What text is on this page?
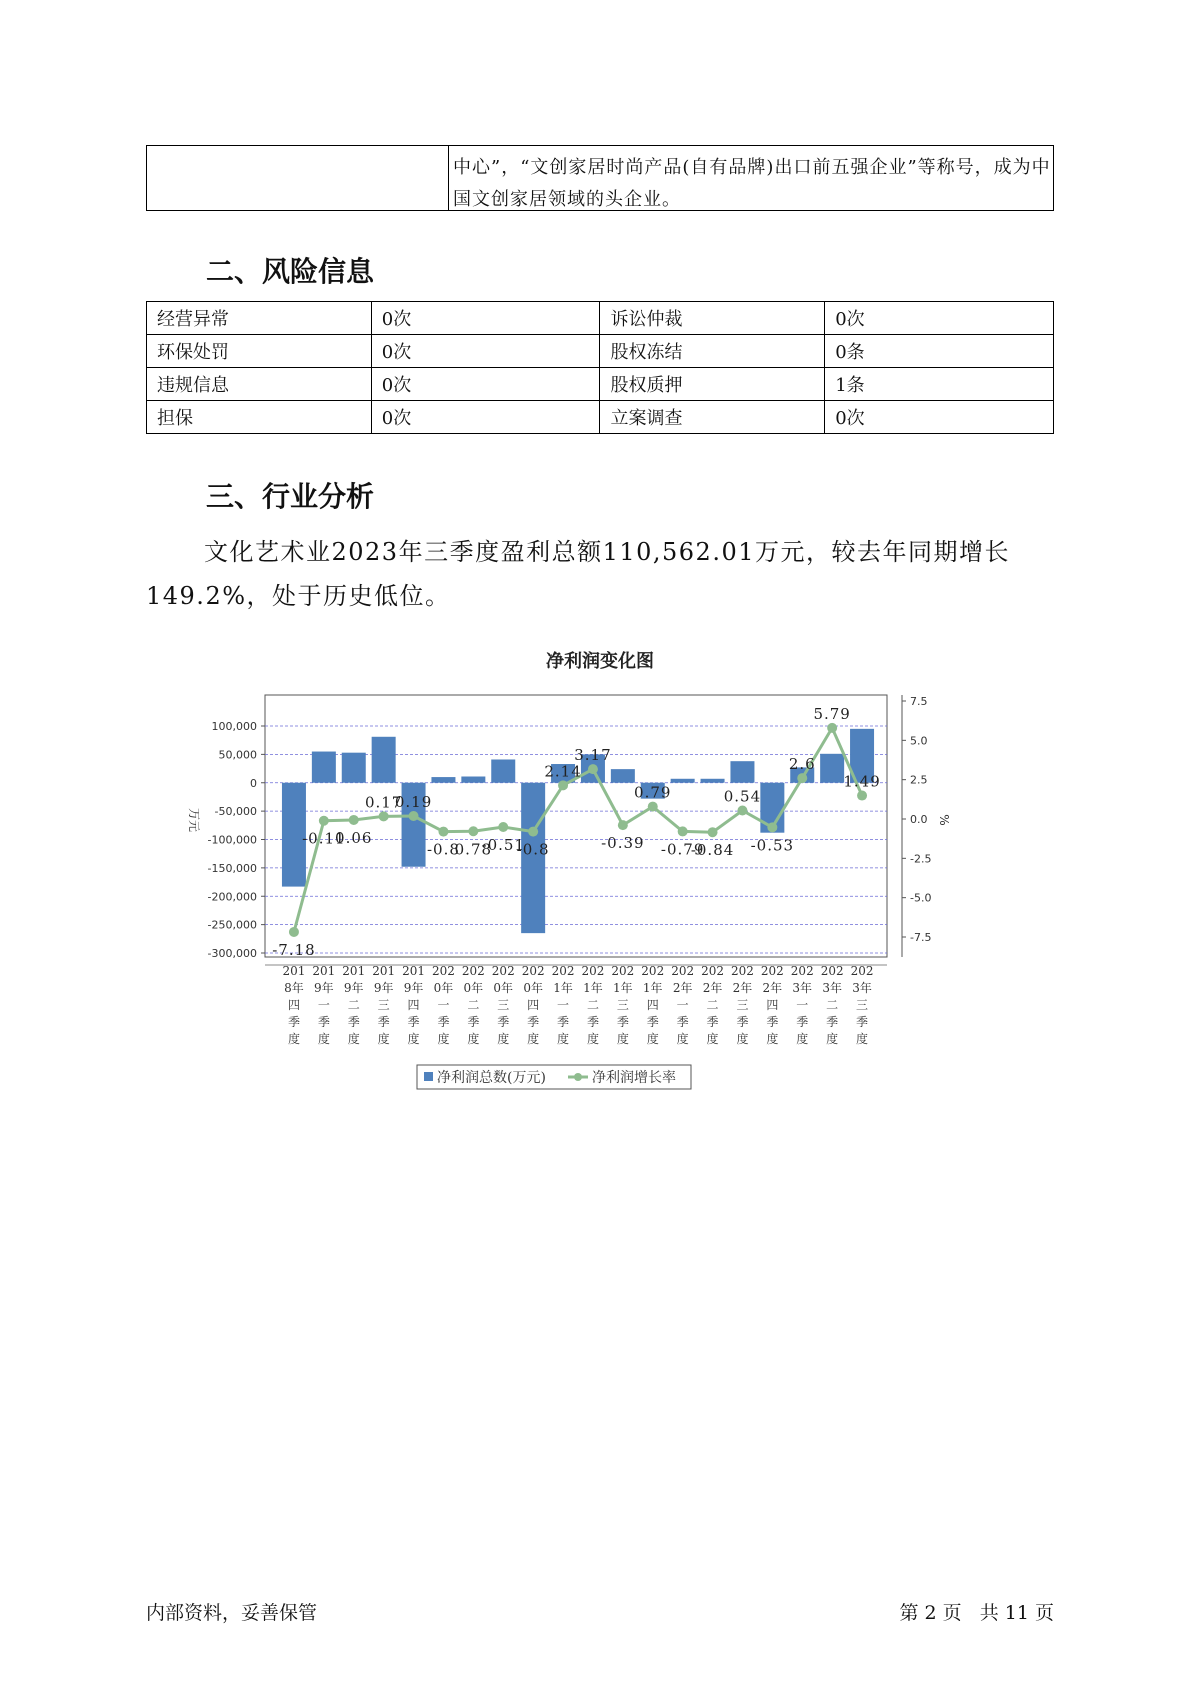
中心”，“文创家居时尚产品(自有品牌)出口前五强企业”等称号，成为中国文创家居领域的头企业。
二、风险信息
经营异常	0次	诉讼仲裁	0次
环保处罚	0次	股权冻结	0条
违规信息	0次	股权质押	1条
担保	0次	立案调查	0次
三、行业分析
文化艺术业2023年三季度盈利总额110,562.01万元，较去年同期增长149.2%，处于历史低位。
净利润变化图
-7.18
-0.11
0.06
0.17
0.19
-0.8
0.78
-0.51
-0.8
2.14
3.17
-0.39
0.79
-0.79
-0.84
0.54
-0.53
2.6
5.79
1.49
100,000
50,000
0
-50,000
-100,000
-150,000
-200,000
-250,000
-300,000
7.5
5.0
2.5
0.0
-2.5
-5.0
-7.5
万元	%
201
8年
四
季
度
201
9年
一
季
度
201
9年
二
季
度
201
9年
三
季
度
201
9年
四
季
度
202
0年
一
季
度
202
0年
二
季
度
202
0年
三
季
度
202
0年
四
季
度
202
1年
一
季
度
202
1年
二
季
度
202
1年
三
季
度
202
1年
四
季
度
202
2年
一
季
度
202
2年
二
季
度
202
2年
三
季
度
202
2年
四
季
度
202
3年
一
季
度
202
3年
二
季
度
202
3年
三
季
度
净利润总数(万元)	净利润增长率
内部资料，妥善保管	第 2 页   共 11 页
